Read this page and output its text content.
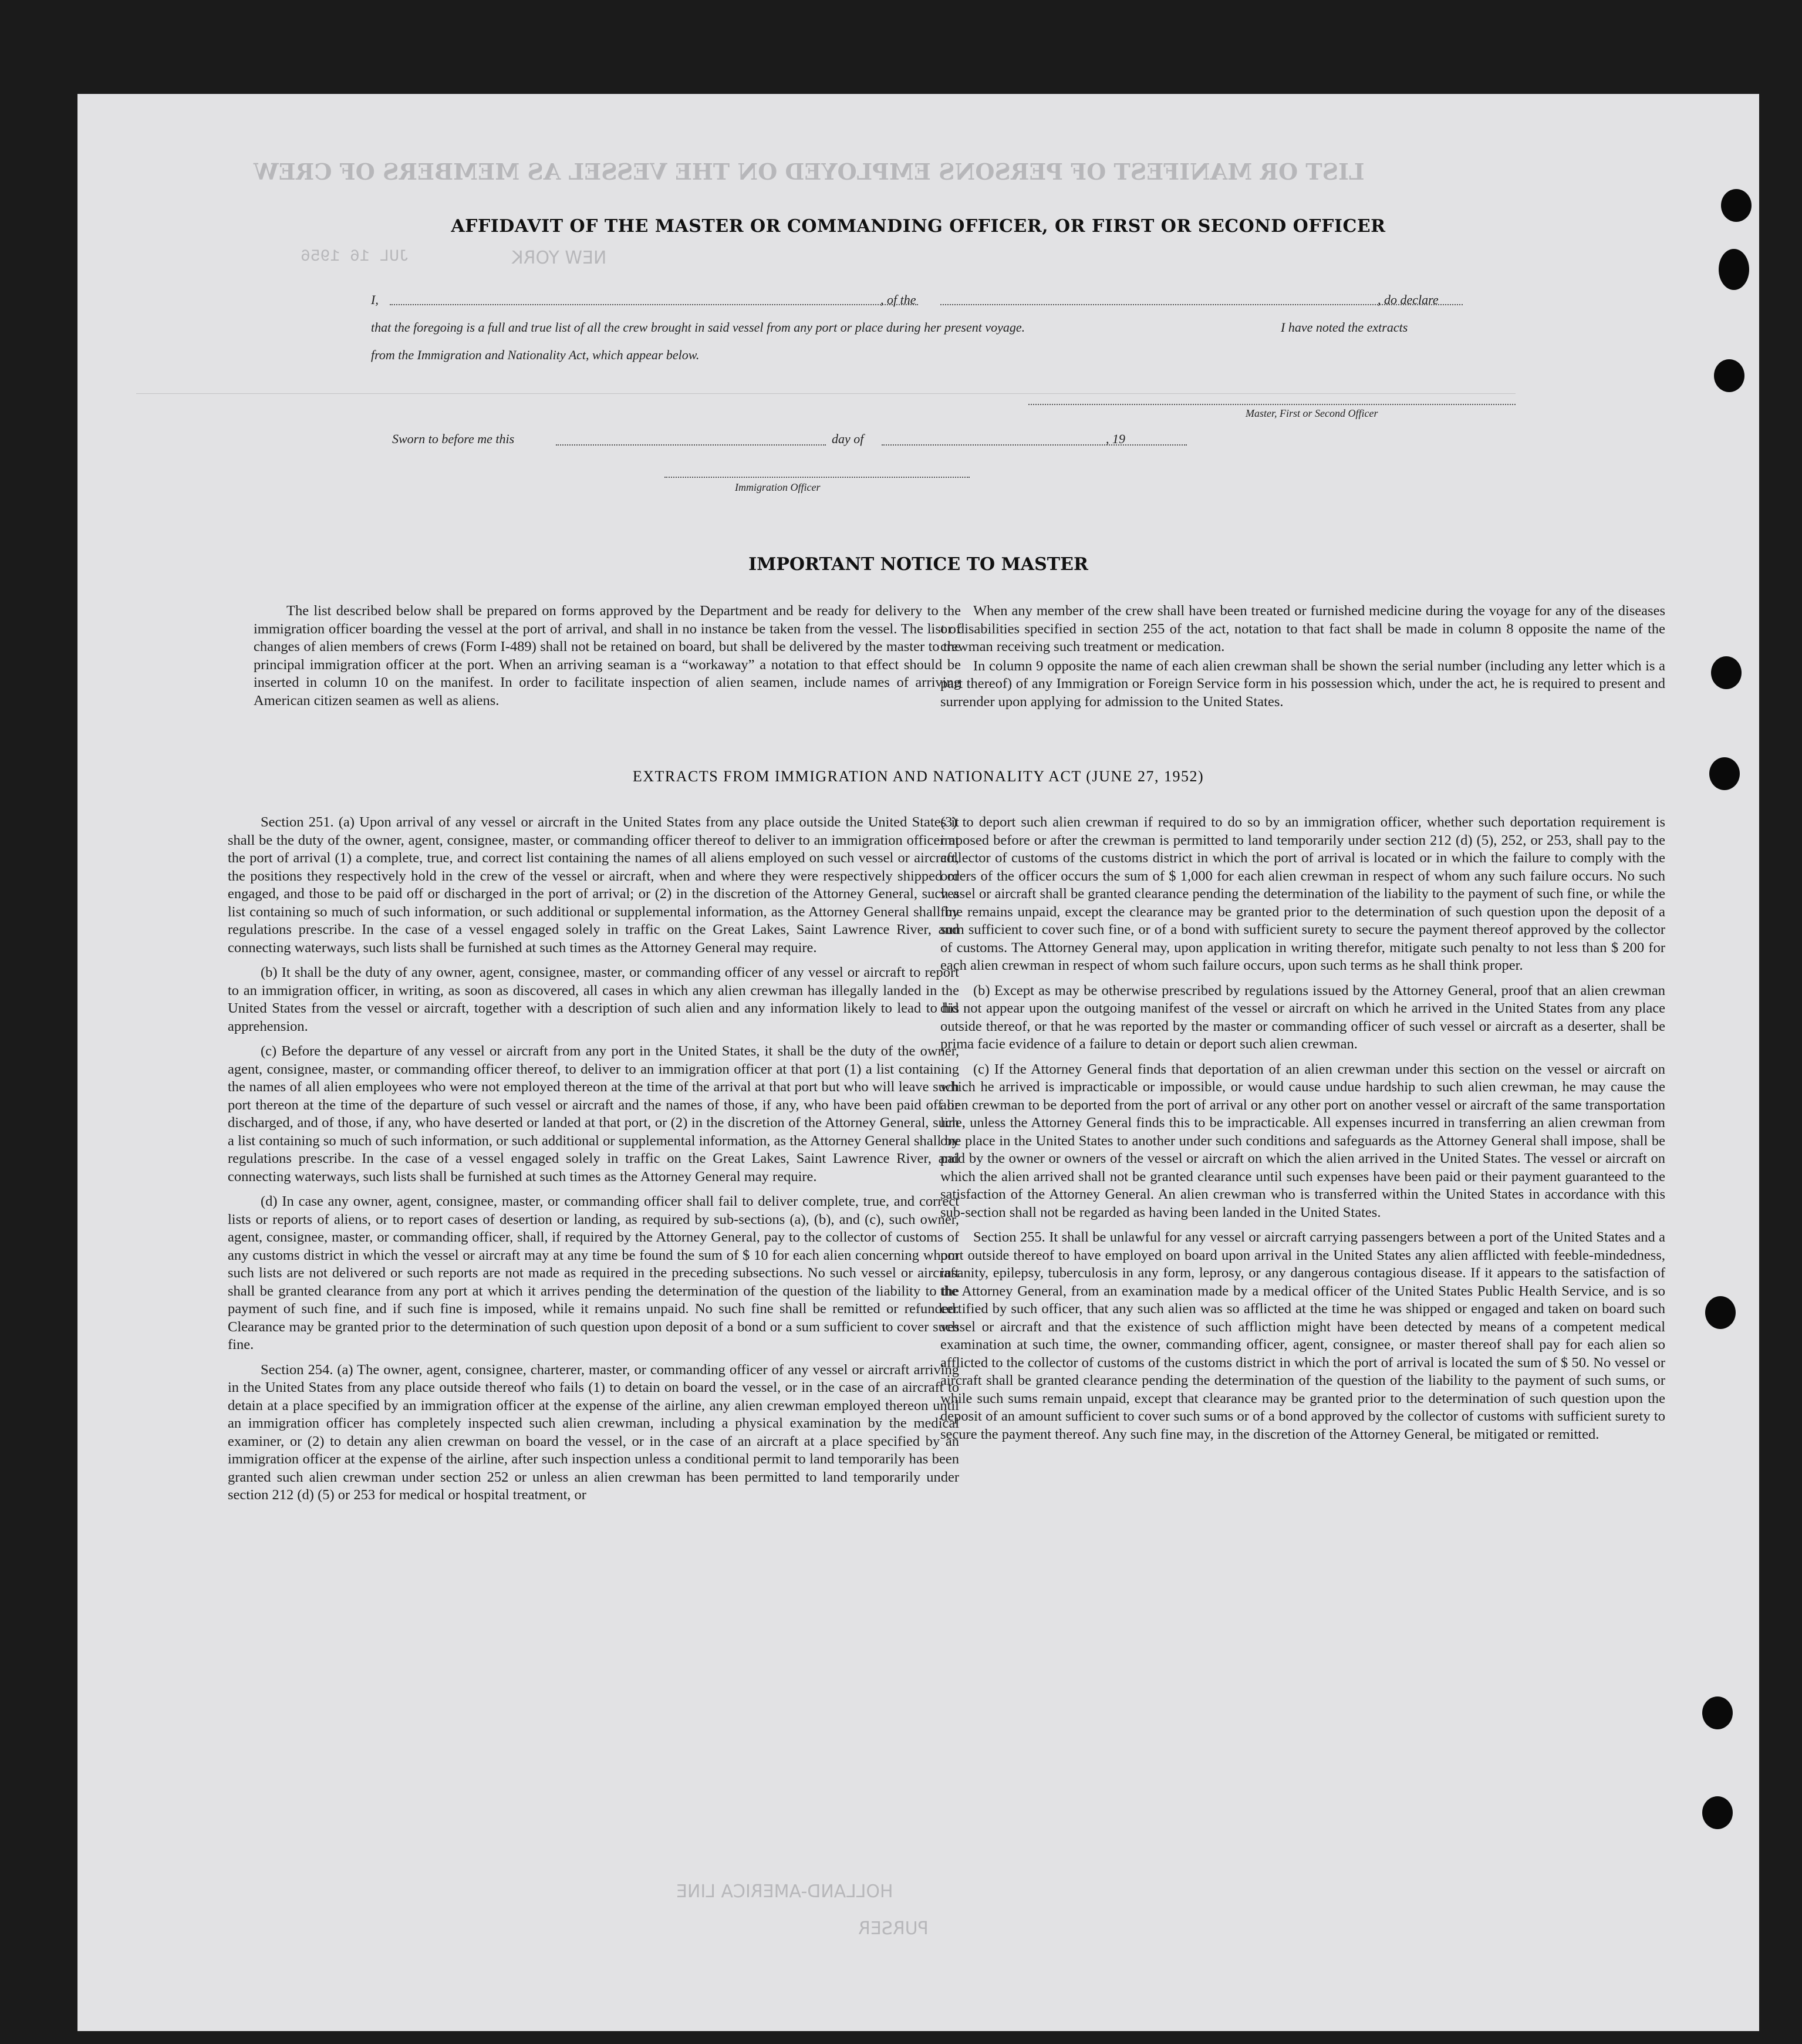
LIST OR MANIFEST OF PERSONS EMPLOYED ON THE VESSEL AS MEMBERS OF CREW
NEW YORK
JUL 16 1956
HOLLAND-AMERICA LINE
PURSER
AFFIDAVIT OF THE MASTER OR COMMANDING OFFICER, OR FIRST OR SECOND OFFICER
I,	, of the	, do declare
that the foregoing is a full and true list of all the crew brought in said vessel from any port or place during her present voyage.	I have noted the extracts
from the Immigration and Nationality Act, which appear below.
Master, First or Second Officer
Sworn to before me this	day of	, 19
Immigration Officer
IMPORTANT NOTICE TO MASTER

The list described below shall be prepared on forms approved by the Department and be ready for delivery to the immigration officer boarding the vessel at the port of arrival, and shall in no instance be taken from the vessel. The list of changes of alien members of crews (Form I-489) shall not be retained on board, but shall be delivered by the master to the principal immigration officer at the port. When an arriving seaman is a “workaway” a notation to that effect should be inserted in column 10 on the manifest. In order to facilitate inspection of alien seamen, include names of arriving American citizen seamen as well as aliens.

When any member of the crew shall have been treated or furnished medicine during the voyage for any of the diseases or disabilities specified in section 255 of the act, notation to that fact shall be made in column 8 opposite the name of the crewman receiving such treatment or medication.

In column 9 opposite the name of each alien crewman shall be shown the serial number (including any letter which is a part thereof) of any Immigration or Foreign Service form in his possession which, under the act, he is required to present and surrender upon applying for admission to the United States.

EXTRACTS FROM IMMIGRATION AND NATIONALITY ACT (JUNE 27, 1952)

Section 251. (a) Upon arrival of any vessel or aircraft in the United States from any place outside the United States it shall be the duty of the owner, agent, consignee, master, or commanding officer thereof to deliver to an immigration officer at the port of arrival (1) a complete, true, and correct list containing the names of all aliens employed on such vessel or aircraft, the positions they respectively hold in the crew of the vessel or aircraft, when and where they were respectively shipped or engaged, and those to be paid off or discharged in the port of arrival; or (2) in the discretion of the Attorney General, such a list containing so much of such information, or such additional or supplemental information, as the Attorney General shall by regulations prescribe. In the case of a vessel engaged solely in traffic on the Great Lakes, Saint Lawrence River, and connecting waterways, such lists shall be furnished at such times as the Attorney General may require.

(b) It shall be the duty of any owner, agent, consignee, master, or commanding officer of any vessel or aircraft to report to an immigration officer, in writing, as soon as discovered, all cases in which any alien crewman has illegally landed in the United States from the vessel or aircraft, together with a description of such alien and any information likely to lead to his apprehension.

(c) Before the departure of any vessel or aircraft from any port in the United States, it shall be the duty of the owner, agent, consignee, master, or commanding officer thereof, to deliver to an immigration officer at that port (1) a list containing the names of all alien employees who were not employed thereon at the time of the arrival at that port but who will leave such port thereon at the time of the departure of such vessel or aircraft and the names of those, if any, who have been paid off or discharged, and of those, if any, who have deserted or landed at that port, or (2) in the discretion of the Attorney General, such a list containing so much of such information, or such additional or supplemental information, as the Attorney General shall by regulations prescribe. In the case of a vessel engaged solely in traffic on the Great Lakes, Saint Lawrence River, and connecting waterways, such lists shall be furnished at such times as the Attorney General may require.

(d) In case any owner, agent, consignee, master, or commanding officer shall fail to deliver complete, true, and correct lists or reports of aliens, or to report cases of desertion or landing, as required by sub-sections (a), (b), and (c), such owner, agent, consignee, master, or commanding officer, shall, if required by the Attorney General, pay to the collector of customs of any customs district in which the vessel or aircraft may at any time be found the sum of $ 10 for each alien concerning whom such lists are not delivered or such reports are not made as required in the preceding subsections. No such vessel or aircraft shall be granted clearance from any port at which it arrives pending the determination of the question of the liability to the payment of such fine, and if such fine is imposed, while it remains unpaid. No such fine shall be remitted or refunded. Clearance may be granted prior to the determination of such question upon deposit of a bond or a sum sufficient to cover such fine.

Section 254. (a) The owner, agent, consignee, charterer, master, or commanding officer of any vessel or aircraft arriving in the United States from any place outside thereof who fails (1) to detain on board the vessel, or in the case of an aircraft to detain at a place specified by an immigration officer at the expense of the airline, any alien crewman employed thereon until an immigration officer has completely inspected such alien crewman, including a physical examination by the medical examiner, or (2) to detain any alien crewman on board the vessel, or in the case of an aircraft at a place specified by an immigration officer at the expense of the airline, after such inspection unless a conditional permit to land temporarily has been granted such alien crewman under section 252 or unless an alien crewman has been permitted to land temporarily under section 212 (d) (5) or 253 for medical or hospital treatment, or

(3) to deport such alien crewman if required to do so by an immigration officer, whether such deportation requirement is imposed before or after the crewman is permitted to land temporarily under section 212 (d) (5), 252, or 253, shall pay to the collector of customs of the customs district in which the port of arrival is located or in which the failure to comply with the orders of the officer occurs the sum of $ 1,000 for each alien crewman in respect of whom any such failure occurs. No such vessel or aircraft shall be granted clearance pending the determination of the liability to the payment of such fine, or while the fine remains unpaid, except the clearance may be granted prior to the determination of such question upon the deposit of a sum sufficient to cover such fine, or of a bond with sufficient surety to secure the payment thereof approved by the collector of customs. The Attorney General may, upon application in writing therefor, mitigate such penalty to not less than $ 200 for each alien crewman in respect of whom such failure occurs, upon such terms as he shall think proper.

(b) Except as may be otherwise prescribed by regulations issued by the Attorney General, proof that an alien crewman did not appear upon the outgoing manifest of the vessel or aircraft on which he arrived in the United States from any place outside thereof, or that he was reported by the master or commanding officer of such vessel or aircraft as a deserter, shall be prima facie evidence of a failure to detain or deport such alien crewman.

(c) If the Attorney General finds that deportation of an alien crewman under this section on the vessel or aircraft on which he arrived is impracticable or impossible, or would cause undue hardship to such alien crewman, he may cause the alien crewman to be deported from the port of arrival or any other port on another vessel or aircraft of the same transportation line, unless the Attorney General finds this to be impracticable. All expenses incurred in transferring an alien crewman from one place in the United States to another under such conditions and safeguards as the Attorney General shall impose, shall be paid by the owner or owners of the vessel or aircraft on which the alien arrived in the United States. The vessel or aircraft on which the alien arrived shall not be granted clearance until such expenses have been paid or their payment guaranteed to the satisfaction of the Attorney General. An alien crewman who is transferred within the United States in accordance with this sub-section shall not be regarded as having been landed in the United States.

Section 255. It shall be unlawful for any vessel or aircraft carrying passengers between a port of the United States and a port outside thereof to have employed on board upon arrival in the United States any alien afflicted with feeble-mindedness, insanity, epilepsy, tuberculosis in any form, leprosy, or any dangerous contagious disease. If it appears to the satisfaction of the Attorney General, from an examination made by a medical officer of the United States Public Health Service, and is so certified by such officer, that any such alien was so afflicted at the time he was shipped or engaged and taken on board such vessel or aircraft and that the existence of such affliction might have been detected by means of a competent medical examination at such time, the owner, commanding officer, agent, consignee, or master thereof shall pay for each alien so afflicted to the collector of customs of the customs district in which the port of arrival is located the sum of $ 50. No vessel or aircraft shall be granted clearance pending the determination of the question of the liability to the payment of such sums, or while such sums remain unpaid, except that clearance may be granted prior to the determination of such question upon the deposit of an amount sufficient to cover such sums or of a bond approved by the collector of customs with sufficient surety to secure the payment thereof. Any such fine may, in the discretion of the Attorney General, be mitigated or remitted.
